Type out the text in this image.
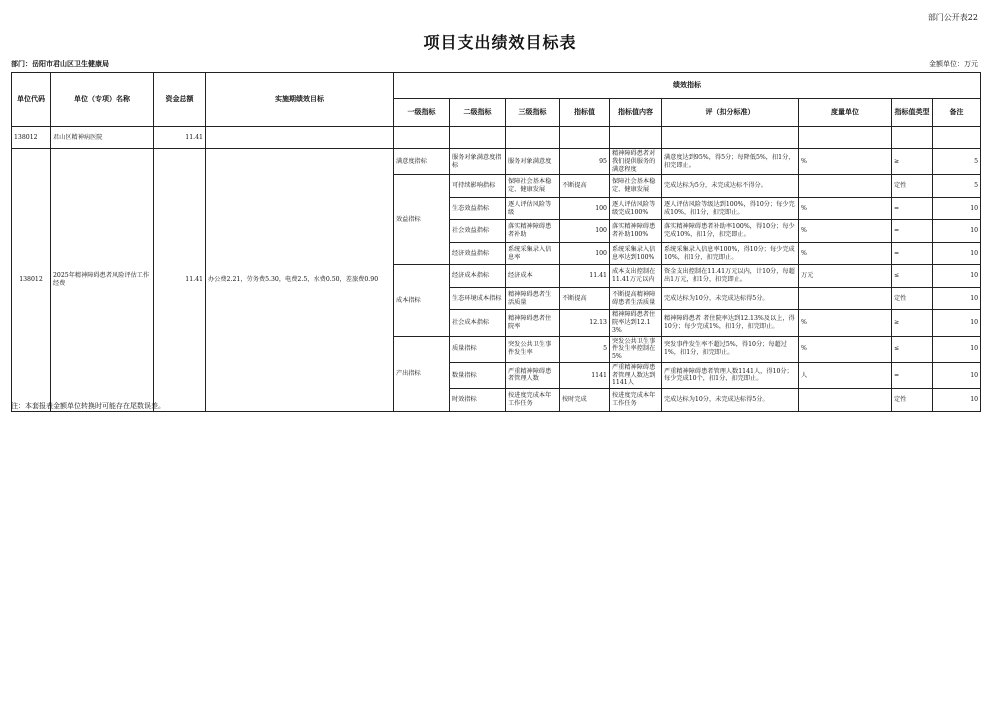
部门公开表22
项目支出绩效目标表
部门：岳阳市君山区卫生健康局	金额单位：万元
单位代码	单位（专项）名称	资金总额	实施期绩效目标	绩效指标								
				一级指标	二级指标	三级指标	指标值	指标值内容	评（扣分标准）	度量单位	指标值类型	备注
138012	君山区精神病医院	11.41										
138012	2025年精神障碍患者风险评估工作经费	11.41	办公费2.21，劳务费5.30，电费2.5，水费0.50，差旅费0.90	满意度指标	服务对象满意度指标	服务对象满意度	95	精神障碍患者对我们提供服务的满意程度	满意度达到95%，得5分；每降低5%，扣1分，扣完即止。	%	≥	5
				效益指标	可持续影响指标	保障社会基本稳定、健康发展	不断提高	保障社会基本稳定、健康发展	完成达标为5分，未完成达标不得分。		定性	5
					生态效益指标	逐人评估风险等级	100	逐人评估风险等级完成100%	逐人评估风险等级达到100%，得10分；每少完成10%，扣1分，扣完即止。	%	=	10
					社会效益指标	落实精神障碍患者补助	100	落实精神障碍患者补助100%	落实精神障碍患者补助率100%，得10分；每少完成10%，扣1分，扣完即止。	%	=	10
					经济效益指标	系统采集录入信息率	100	系统采集录入信息率达到100%	系统采集录入信息率100%，得10分；每少完成10%，扣1分，扣完即止。	%	=	10
				成本指标	经济成本指标	经济成本	11.41	成本支出控制在11.41万元以内	资金支出控制在11.41万元以内，计10分，每超出1万元，扣1分，扣完即止。	万元	≤	10
					生态环境成本指标	精神障碍患者生活质量	不断提高	不断提高精神障碍患者生活质量	完成达标为10分，未完成达标得5分。		定性	10
					社会成本指标	精神障碍患者住院率	12.13	精神障碍患者住院率达到12.13%	精神障碍患者 者住院率达到12.13%及以上，得10分；每少完成1%，扣1分，扣完即止。	%	≥	10
				产出指标	质量指标	突发公共卫生事件发生率	5	突发公共卫生事件发生率控制在5%	突发事件发生率不超过5%，得10分；每超过1%，扣1分，扣完即止。	%	≤	10
					数量指标	严重精神障碍患者管理人数	1141	严重精神障碍患者管理人数达到1141人	严重精神障碍患者管理人数1141人，得10分；每少完成10个，扣1分，扣完即止。	人	=	10
					时效指标	按进度完成本年工作任务	按时完成	按进度完成本年工作任务	完成达标为10分，未完成达标得5分。		定性	10
注：本套报表金额单位转换时可能存在尾数误差。
